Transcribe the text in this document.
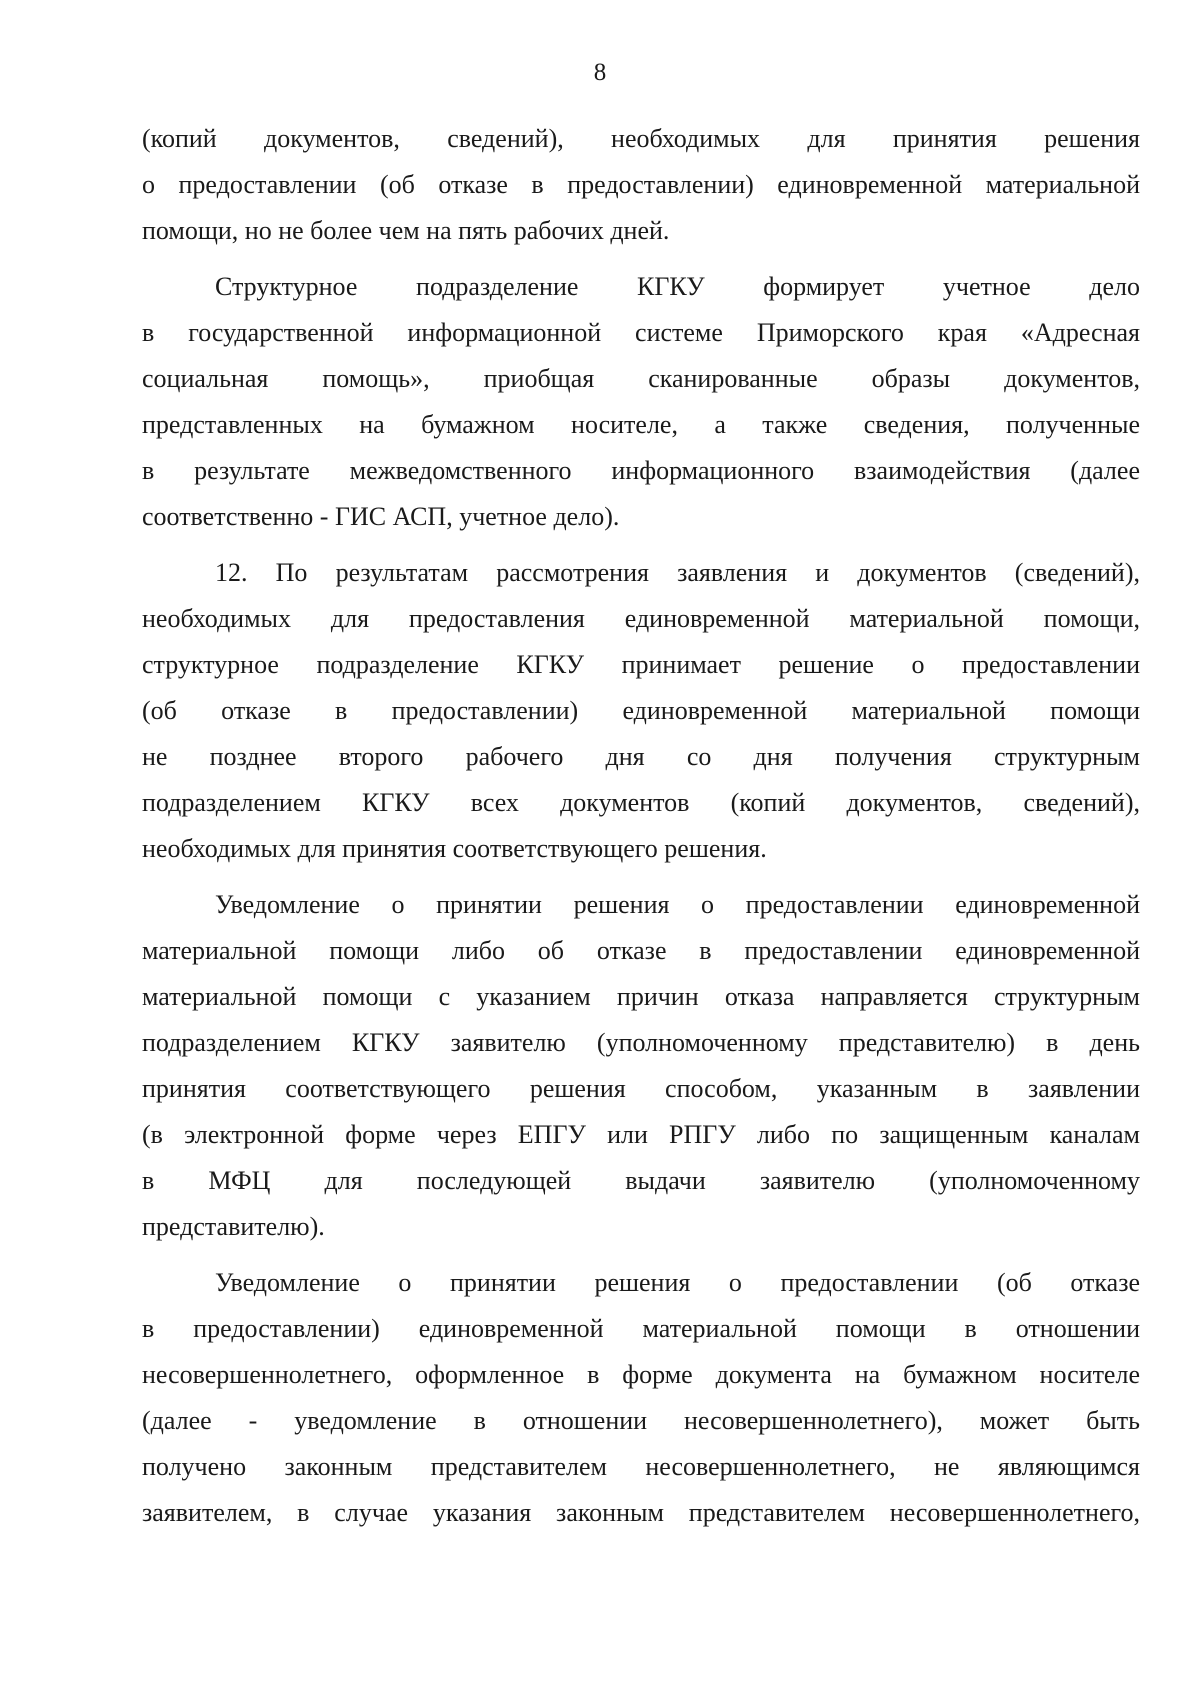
8
(копий документов, сведений), необходимых для принятия решения
о предоставлении (об отказе в предоставлении) единовременной материальной
помощи, но не более чем на пять рабочих дней.
Структурное подразделение КГКУ формирует учетное дело
в государственной информационной системе Приморского края «Адресная
социальная помощь», приобщая сканированные образы документов,
представленных на бумажном носителе, а также сведения, полученные
в результате межведомственного информационного взаимодействия (далее
соответственно - ГИС АСП, учетное дело).
12. По результатам рассмотрения заявления и документов (сведений),
необходимых для предоставления единовременной материальной помощи,
структурное подразделение КГКУ принимает решение о предоставлении
(об отказе в предоставлении) единовременной материальной помощи
не позднее второго рабочего дня со дня получения структурным
подразделением КГКУ всех документов (копий документов, сведений),
необходимых для принятия соответствующего решения.
Уведомление о принятии решения о предоставлении единовременной
материальной помощи либо об отказе в предоставлении единовременной
материальной помощи с указанием причин отказа направляется структурным
подразделением КГКУ заявителю (уполномоченному представителю) в день
принятия соответствующего решения способом, указанным в заявлении
(в электронной форме через ЕПГУ или РПГУ либо по защищенным каналам
в МФЦ для последующей выдачи заявителю (уполномоченному
представителю).
Уведомление о принятии решения о предоставлении (об отказе
в предоставлении) единовременной материальной помощи в отношении
несовершеннолетнего, оформленное в форме документа на бумажном носителе
(далее - уведомление в отношении несовершеннолетнего), может быть
получено законным представителем несовершеннолетнего, не являющимся
заявителем, в случае указания законным представителем несовершеннолетнего,
